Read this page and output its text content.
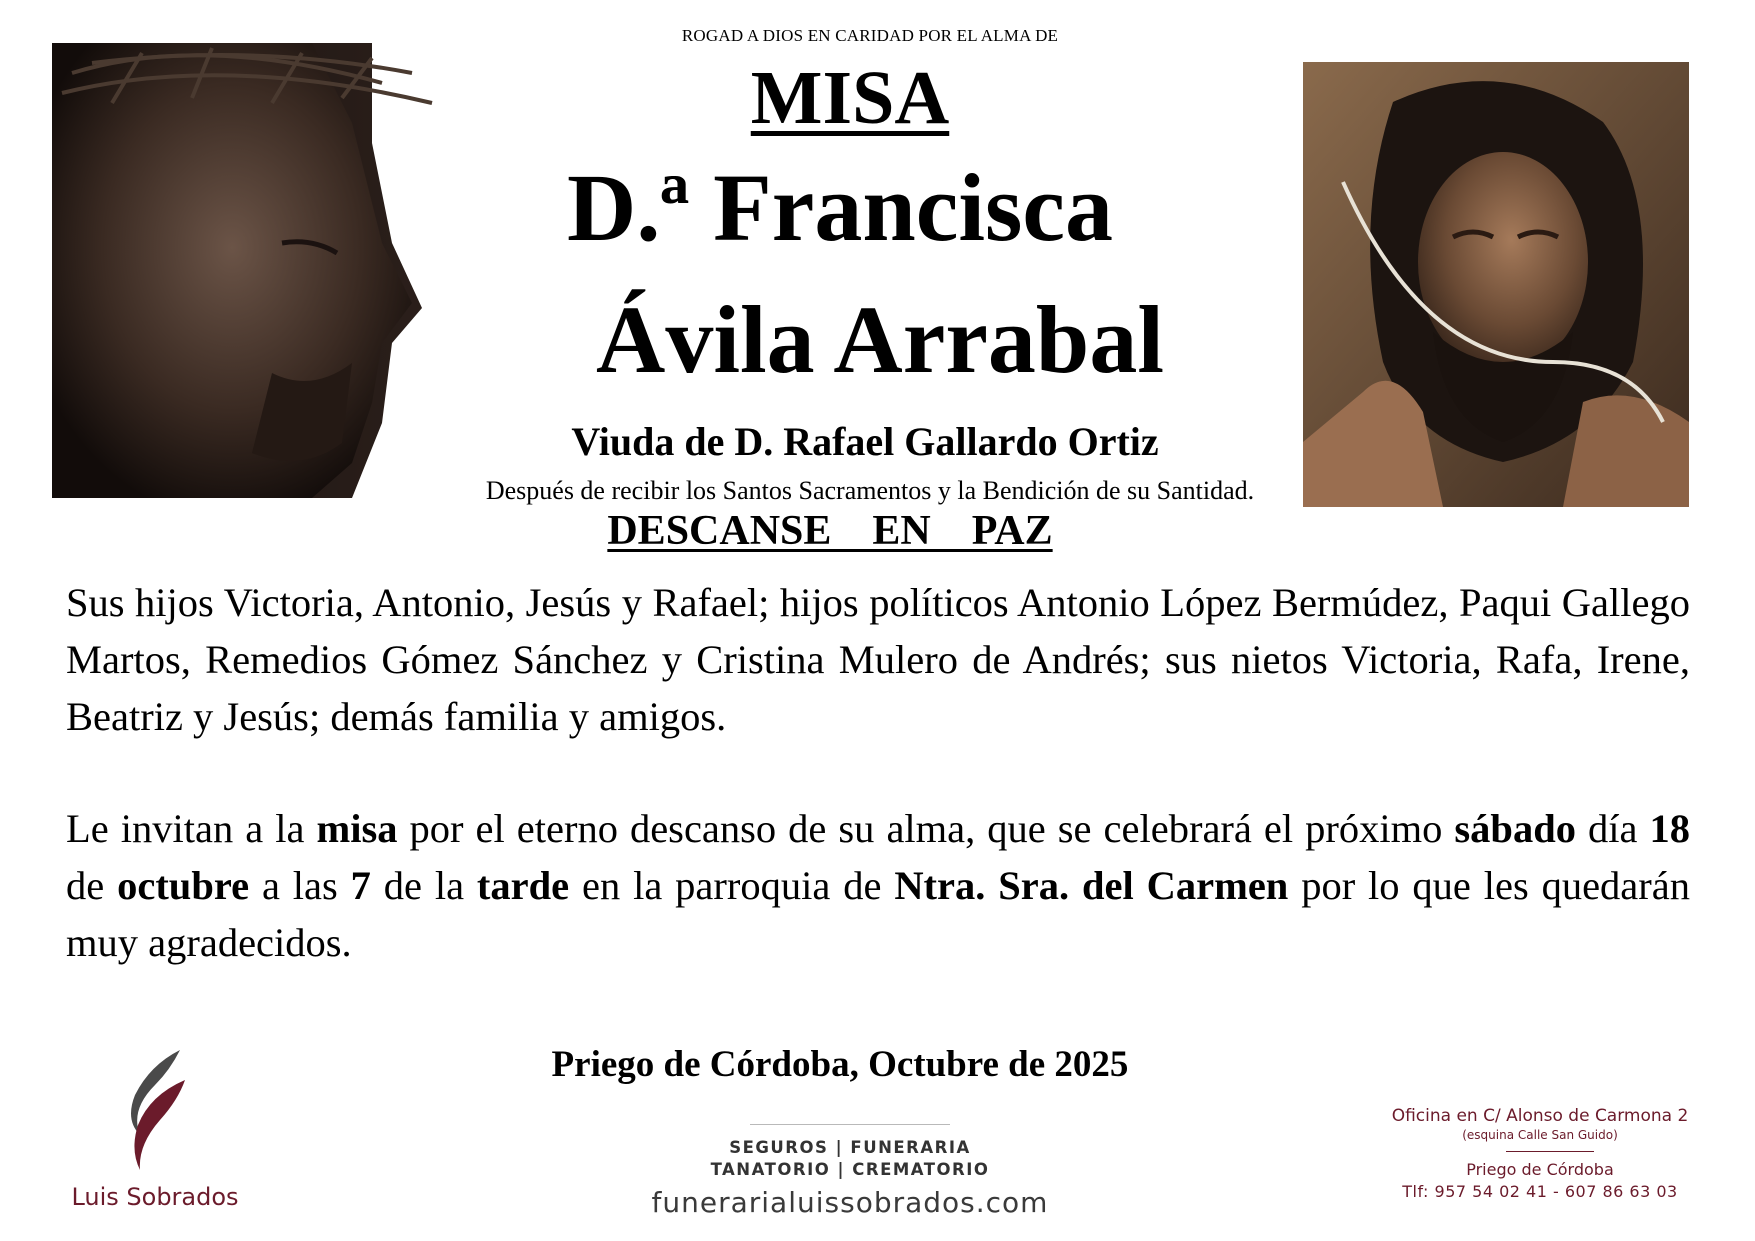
ROGAD A DIOS EN CARIDAD POR EL ALMA DE
MISA
D.ª Francisca
Ávila Arrabal
Viuda de D. Rafael Gallardo Ortiz
Después de recibir los Santos Sacramentos y la Bendición de su Santidad.
DESCANSE  EN  PAZ
Sus hijos Victoria, Antonio, Jesús y Rafael; hijos políticos Antonio López Bermúdez, Paqui Gallego Martos, Remedios Gómez Sánchez y Cristina Mulero de Andrés; sus nietos Victoria, Rafa, Irene, Beatriz y Jesús; demás familia y amigos.
Le invitan a la misa por el eterno descanso de su alma, que se celebrará el próximo sábado día 18 de octubre a las 7 de la tarde en la parroquia de Ntra. Sra. del Carmen por lo que les quedarán muy agradecidos.
Priego de Córdoba, Octubre de 2025
Luis Sobrados
SEGUROS | FUNERARIA
TANATORIO | CREMATORIO
funerarialuissobrados.com
Oficina en C/ Alonso de Carmona 2
(esquina Calle San Guido)
Priego de Córdoba
Tlf: 957 54 02 41 - 607 86 63 03
